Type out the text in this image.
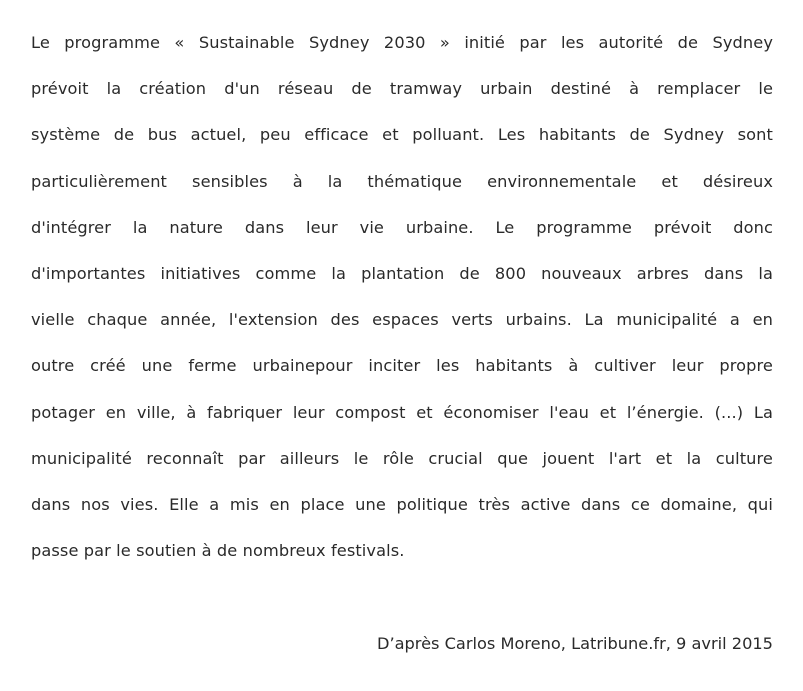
Le programme « Sustainable Sydney 2030 » initié par les autorité de Sydney
prévoit la création d'un réseau de tramway urbain destiné à remplacer le
système de bus actuel, peu efficace et polluant. Les habitants de Sydney sont
particulièrement sensibles à la thématique environnementale et désireux
d'intégrer la nature dans leur vie urbaine. Le programme prévoit donc
d'importantes initiatives comme la plantation de 800 nouveaux arbres dans la
vielle chaque année, l'extension des espaces verts urbains. La municipalité a en
outre créé une ferme urbainepour inciter les habitants à cultiver leur propre
potager en ville, à fabriquer leur compost et économiser l'eau et l’énergie. (...) La
municipalité reconnaît par ailleurs le rôle crucial que jouent l'art et la culture
dans nos vies. Elle a mis en place une politique très active dans ce domaine, qui
passe par le soutien à de nombreux festivals.
D’après Carlos Moreno, Latribune.fr, 9 avril 2015
